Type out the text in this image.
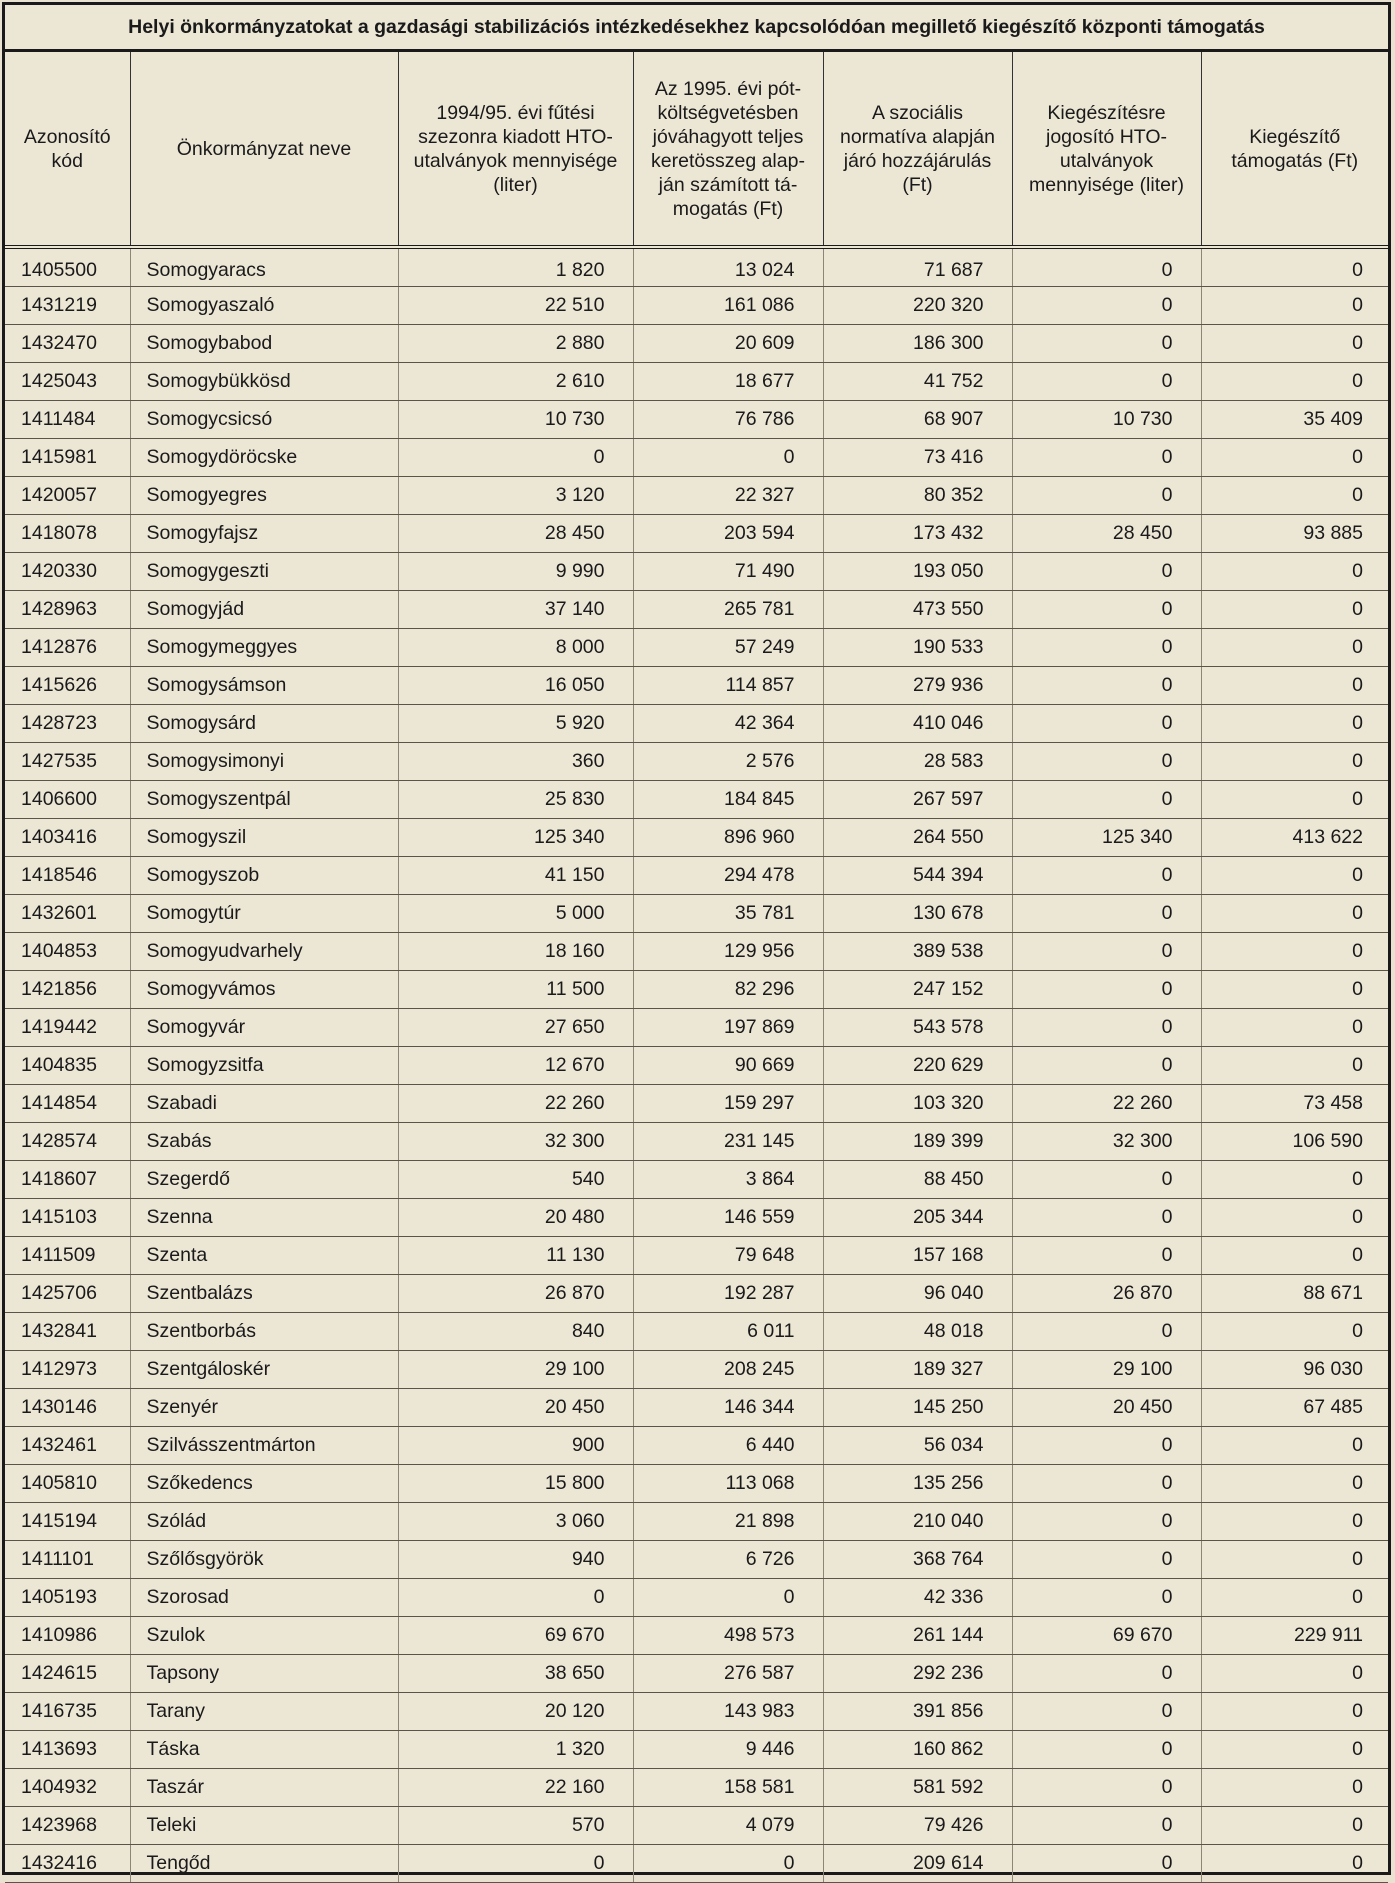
Helyi önkormányzatokat a gazdasági stabilizációs intézkedésekhez kapcsolódóan megillető kiegészítő központi támogatás
Azonosító kód	Önkormányzat neve	1994/95. évi fűtési szezonra kiadott HTO-utalványok mennyisége (liter)	Az 1995. évi pót-költségvetésben jóváhagyott teljes keretösszeg alap-ján számított tá-mogatás (Ft)	A szociális normatíva alapján járó hozzájárulás (Ft)	Kiegészítésre jogosító HTO-utalványok mennyisége (liter)	Kiegészítő támogatás (Ft)
1405500	Somogyaracs	1 820	13 024	71 687	0	0
1431219	Somogyaszaló	22 510	161 086	220 320	0	0
1432470	Somogybabod	2 880	20 609	186 300	0	0
1425043	Somogybükkösd	2 610	18 677	41 752	0	0
1411484	Somogycsicsó	10 730	76 786	68 907	10 730	35 409
1415981	Somogydöröcske	0	0	73 416	0	0
1420057	Somogyegres	3 120	22 327	80 352	0	0
1418078	Somogyfajsz	28 450	203 594	173 432	28 450	93 885
1420330	Somogygeszti	9 990	71 490	193 050	0	0
1428963	Somogyjád	37 140	265 781	473 550	0	0
1412876	Somogymeggyes	8 000	57 249	190 533	0	0
1415626	Somogysámson	16 050	114 857	279 936	0	0
1428723	Somogysárd	5 920	42 364	410 046	0	0
1427535	Somogysimonyi	360	2 576	28 583	0	0
1406600	Somogyszentpál	25 830	184 845	267 597	0	0
1403416	Somogyszil	125 340	896 960	264 550	125 340	413 622
1418546	Somogyszob	41 150	294 478	544 394	0	0
1432601	Somogytúr	5 000	35 781	130 678	0	0
1404853	Somogyudvarhely	18 160	129 956	389 538	0	0
1421856	Somogyvámos	11 500	82 296	247 152	0	0
1419442	Somogyvár	27 650	197 869	543 578	0	0
1404835	Somogyzsitfa	12 670	90 669	220 629	0	0
1414854	Szabadi	22 260	159 297	103 320	22 260	73 458
1428574	Szabás	32 300	231 145	189 399	32 300	106 590
1418607	Szegerdő	540	3 864	88 450	0	0
1415103	Szenna	20 480	146 559	205 344	0	0
1411509	Szenta	11 130	79 648	157 168	0	0
1425706	Szentbalázs	26 870	192 287	96 040	26 870	88 671
1432841	Szentborbás	840	6 011	48 018	0	0
1412973	Szentgáloskér	29 100	208 245	189 327	29 100	96 030
1430146	Szenyér	20 450	146 344	145 250	20 450	67 485
1432461	Szilvásszentmárton	900	6 440	56 034	0	0
1405810	Szőkedencs	15 800	113 068	135 256	0	0
1415194	Szólád	3 060	21 898	210 040	0	0
1411101	Szőlősgyörök	940	6 726	368 764	0	0
1405193	Szorosad	0	0	42 336	0	0
1410986	Szulok	69 670	498 573	261 144	69 670	229 911
1424615	Tapsony	38 650	276 587	292 236	0	0
1416735	Tarany	20 120	143 983	391 856	0	0
1413693	Táska	1 320	9 446	160 862	0	0
1404932	Taszár	22 160	158 581	581 592	0	0
1423968	Teleki	570	4 079	79 426	0	0
1432416	Tengőd	0	0	209 614	0	0
